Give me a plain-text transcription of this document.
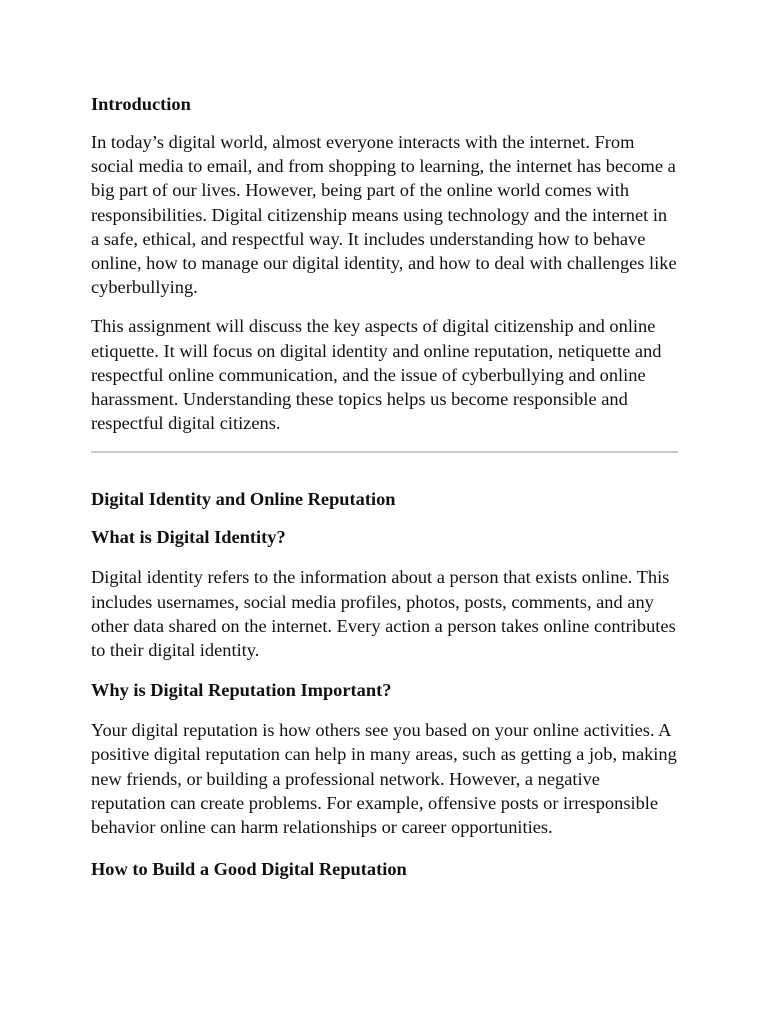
Introduction

In today’s digital world, almost everyone interacts with the internet. From social media to email, and from shopping to learning, the internet has become a big part of our lives. However, being part of the online world comes with responsibilities. Digital citizenship means using technology and the internet in a safe, ethical, and respectful way. It includes understanding how to behave online, how to manage our digital identity, and how to deal with challenges like cyberbullying.

This assignment will discuss the key aspects of digital citizenship and online etiquette. It will focus on digital identity and online reputation, netiquette and respectful online communication, and the issue of cyberbullying and online harassment. Understanding these topics helps us become responsible and respectful digital citizens.

Digital Identity and Online Reputation

What is Digital Identity?

Digital identity refers to the information about a person that exists online. This includes usernames, social media profiles, photos, posts, comments, and any other data shared on the internet. Every action a person takes online contributes to their digital identity.

Why is Digital Reputation Important?

Your digital reputation is how others see you based on your online activities. A positive digital reputation can help in many areas, such as getting a job, making new friends, or building a professional network. However, a negative reputation can create problems. For example, offensive posts or irresponsible behavior online can harm relationships or career opportunities.

How to Build a Good Digital Reputation
